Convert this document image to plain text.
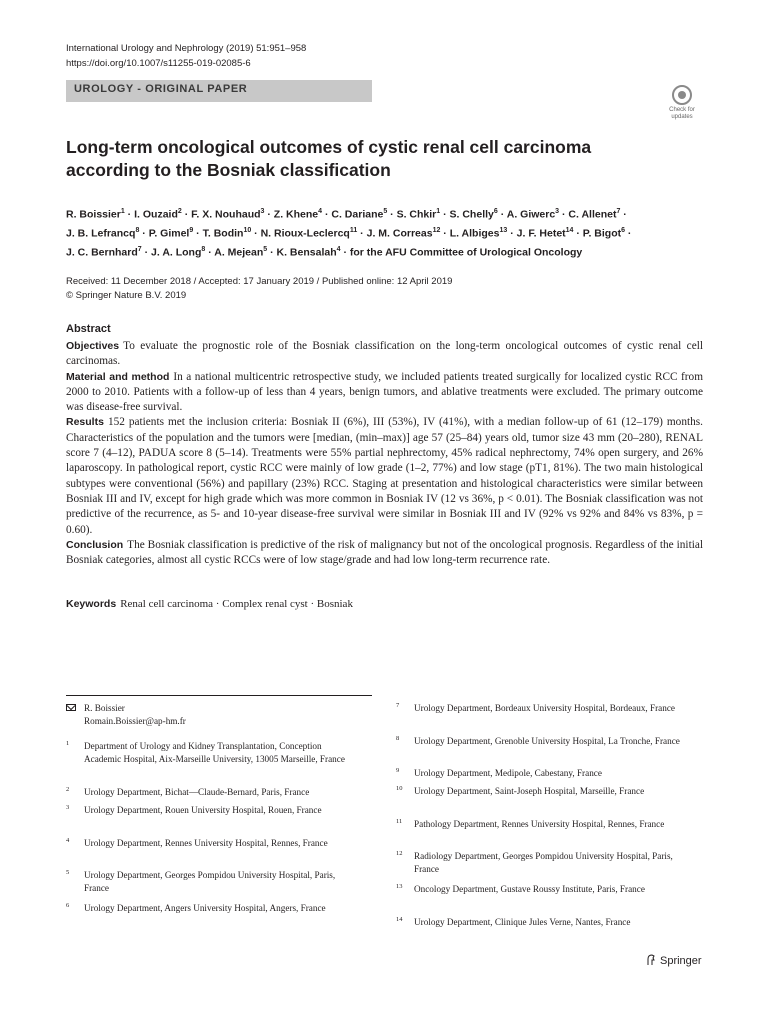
International Urology and Nephrology (2019) 51:951–958
https://doi.org/10.1007/s11255-019-02085-6
UROLOGY - ORIGINAL PAPER
Check for
updates
Long-term oncological outcomes of cystic renal cell carcinoma
according to the Bosniak classification
R. Boissier$^1$ · I. Ouzaid$^2$ · F. X. Nouhaud$^3$ · Z. Khene$^4$ · C. Dariane$^5$ · S. Chkir$^1$ · S. Chelly$^6$ · A. Giwerc$^3$ · C. Allenet$^7$ ·
J. B. Lefrancq$^8$ · P. Gimel$^9$ · T. Bodin$^{10}$ · N. Rioux-Leclercq$^{11}$ · J. M. Correas$^{12}$ · L. Albiges$^{13}$ · J. F. Hetet$^{14}$ · P. Bigot$^6$ ·
J. C. Bernhard$^7$ · J. A. Long$^8$ · A. Mejean$^5$ · K. Bensalah$^4$ · for the AFU Committee of Urological Oncology
Received: 11 December 2018 / Accepted: 17 January 2019 / Published online: 12 April 2019
© Springer Nature B.V. 2019
Abstract

Objectives To evaluate the prognostic role of the Bosniak classification on the long-term oncological outcomes of cystic renal cell carcinomas.

Material and method In a national multicentric retrospective study, we included patients treated surgically for localized cystic RCC from 2000 to 2010. Patients with a follow-up of less than 4 years, benign tumors, and ablative treatments were excluded. The primary outcome was disease-free survival.

Results 152 patients met the inclusion criteria: Bosniak II (6%), III (53%), IV (41%), with a median follow-up of 61 (12–179) months. Characteristics of the population and the tumors were [median, (min–max)] age 57 (25–84) years old, tumor size 43 mm (20–280), RENAL score 7 (4–12), PADUA score 8 (5–14). Treatments were 55% partial nephrectomy, 45% radical nephrectomy, 74% open surgery, and 26% laparoscopy. In pathological report, cystic RCC were mainly of low grade (1–2, 77%) and low stage (pT1, 81%). The two main histological subtypes were conventional (56%) and papillary (23%) RCC. Staging at presentation and histological characteristics were similar between Bosniak III and IV, except for high grade which was more common in Bosniak IV (12 vs 36%, p < 0.01). The Bosniak classification was not predictive of the recurrence, as 5- and 10-year disease-free survival were similar in Bosniak III and IV (92% vs 92% and 84% vs 83%, p = 0.60).

Conclusion The Bosniak classification is predictive of the risk of malignancy but not of the oncological prognosis. Regardless of the initial Bosniak categories, almost all cystic RCCs were of low stage/grade and had low long-term recurrence rate.

Keywords Renal cell carcinoma · Complex renal cyst · Bosniak
R. Boissier
Romain.Boissier@ap-hm.fr
1 Department of Urology and Kidney Transplantation, Conception Academic Hospital, Aix-Marseille University, 13005 Marseille, France
2 Urology Department, Bichat—Claude-Bernard, Paris, France
3 Urology Department, Rouen University Hospital, Rouen, France
4 Urology Department, Rennes University Hospital, Rennes, France
5 Urology Department, Georges Pompidou University Hospital, Paris, France
6 Urology Department, Angers University Hospital, Angers, France
7 Urology Department, Bordeaux University Hospital, Bordeaux, France
8 Urology Department, Grenoble University Hospital, La Tronche, France
9 Urology Department, Medipole, Cabestany, France
10 Urology Department, Saint-Joseph Hospital, Marseille, France
11 Pathology Department, Rennes University Hospital, Rennes, France
12 Radiology Department, Georges Pompidou University Hospital, Paris, France
13 Oncology Department, Gustave Roussy Institute, Paris, France
14 Urology Department, Clinique Jules Verne, Nantes, France
Springer
